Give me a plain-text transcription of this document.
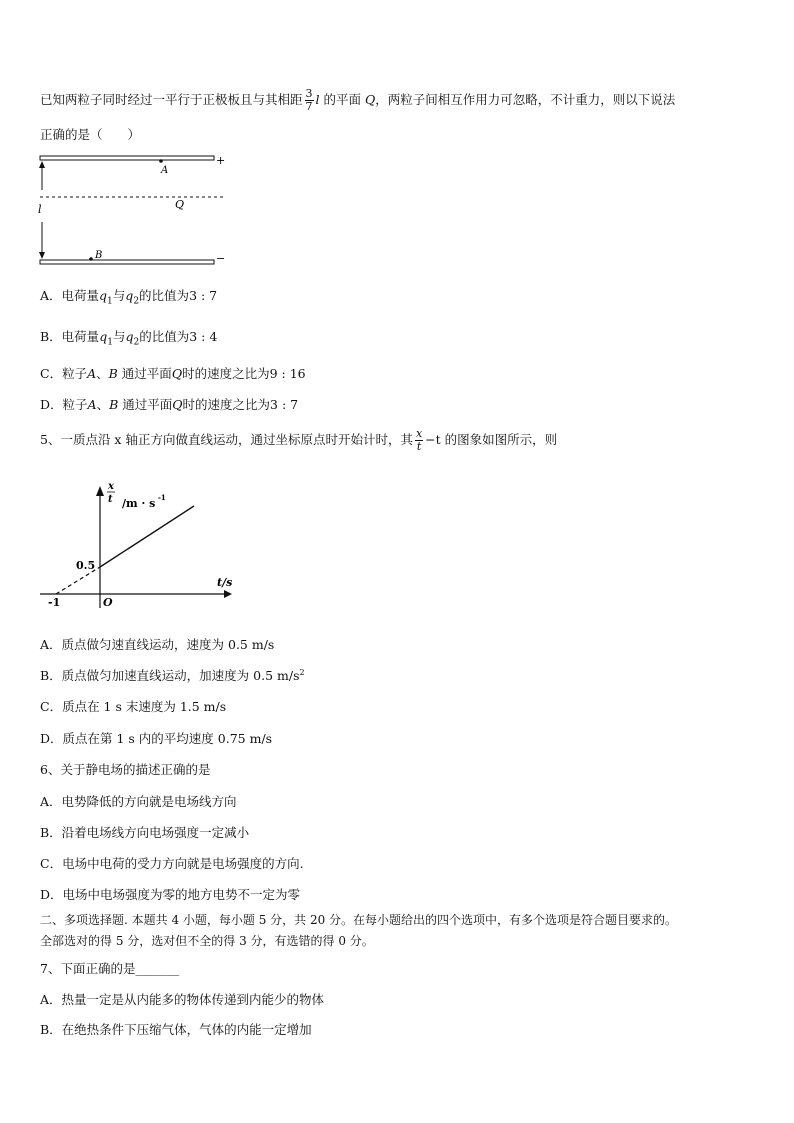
已知两粒子同时经过一平行于正极板且与其相距 $\frac{3}{7}$ l 的平面 Q，两粒子间相互作用力可忽略，不计重力，则以下说法
正确的是（　　）
+
Q
−
A
B
l
A．电荷量$q_1$与$q_2$的比值为3 : 7
B．电荷量$q_1$与$q_2$的比值为3 : 4
C．粒子A、B 通过平面Q时的速度之比为9 : 16
D．粒子A、B 通过平面Q时的速度之比为3 : 7
5、一质点沿 x 轴正方向做直线运动，通过坐标原点时开始计时，其 $\frac{x}{t} -t$ 的图象如图所示，则
x
t /m · s -1
t/s
0.5
-1	O
A．质点做匀速直线运动，速度为 0.5 m/s
B．质点做匀加速直线运动，加速度为 0.5 $m/s^2$
C．质点在 1 s 末速度为 1.5 m/s
D．质点在第 1 s 内的平均速度 0.75 m/s
6、关于静电场的描述正确的是
A．电势降低的方向就是电场线方向
B．沿着电场线方向电场强度一定减小
C．电场中电荷的受力方向就是电场强度的方向.
D．电场中电场强度为零的地方电势不一定为零
二、多项选择题. 本题共 4 小题，每小题 5 分，共 20 分。在每小题给出的四个选项中，有多个选项是符合题目要求的。
全部选对的得 5 分，选对但不全的得 3 分，有选错的得 0 分。
7、下面正确的是_______
A．热量一定是从内能多的物体传递到内能少的物体
B．在绝热条件下压缩气体，气体的内能一定增加
